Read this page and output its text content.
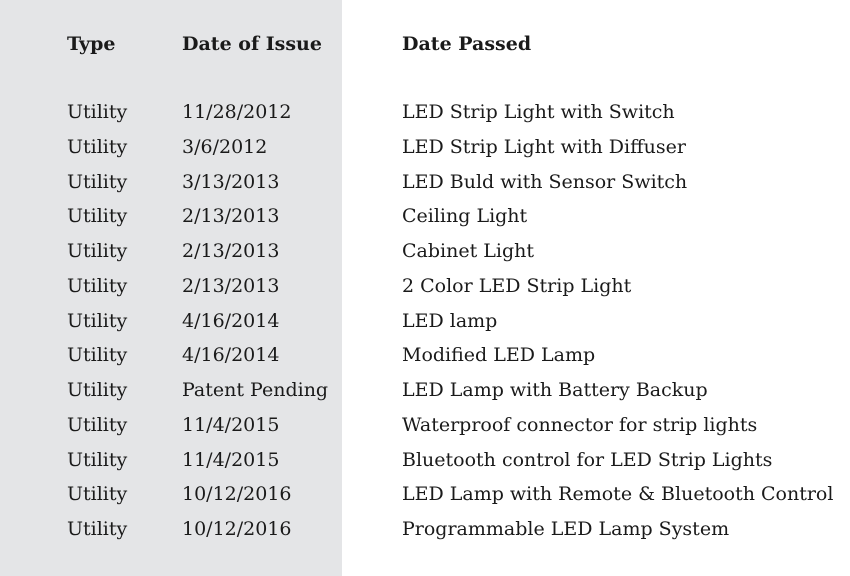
Type	Date of Issue	Date Passed
Utility	11/28/2012	LED Strip Light with Switch
Utility	3/6/2012	LED Strip Light with Diffuser
Utility	3/13/2013	LED Buld with Sensor Switch
Utility	2/13/2013	Ceiling Light
Utility	2/13/2013	Cabinet Light
Utility	2/13/2013	2 Color LED Strip Light
Utility	4/16/2014	LED lamp
Utility	4/16/2014	Modified LED Lamp
Utility	Patent Pending	LED Lamp with Battery Backup
Utility	11/4/2015	Waterproof connector for strip lights
Utility	11/4/2015	Bluetooth control for LED Strip Lights
Utility	10/12/2016	LED Lamp with Remote & Bluetooth Control
Utility	10/12/2016	Programmable LED Lamp System
